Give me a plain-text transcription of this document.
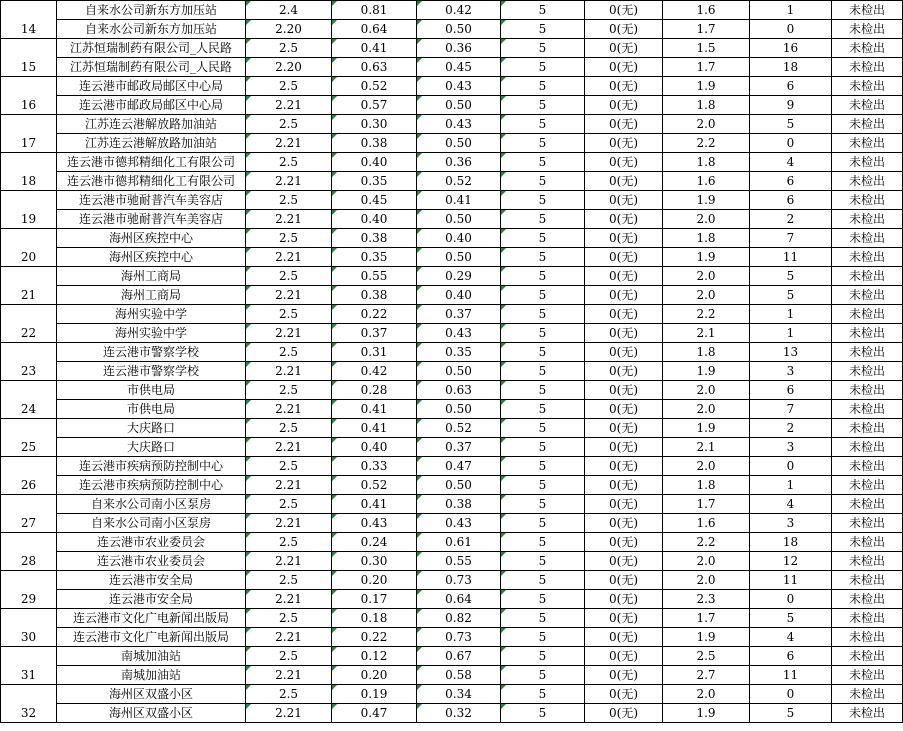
14	自来水公司新东方加压站	2.4	0.81	0.42	5	0(无)	1.6	1	未检出
	自来水公司新东方加压站	2.20	0.64	0.50	5	0(无)	1.7	0	未检出
15	江苏恒瑞制药有限公司_人民路	2.5	0.41	0.36	5	0(无)	1.5	16	未检出
	江苏恒瑞制药有限公司_人民路	2.20	0.63	0.45	5	0(无)	1.7	18	未检出
16	连云港市邮政局邮区中心局	2.5	0.52	0.43	5	0(无)	1.9	6	未检出
	连云港市邮政局邮区中心局	2.21	0.57	0.50	5	0(无)	1.8	9	未检出
17	江苏连云港解放路加油站	2.5	0.30	0.43	5	0(无)	2.0	5	未检出
	江苏连云港解放路加油站	2.21	0.38	0.50	5	0(无)	2.2	0	未检出
18	连云港市德邦精细化工有限公司	2.5	0.40	0.36	5	0(无)	1.8	4	未检出
	连云港市德邦精细化工有限公司	2.21	0.35	0.52	5	0(无)	1.6	6	未检出
19	连云港市驰耐普汽车美容店	2.5	0.45	0.41	5	0(无)	1.9	6	未检出
	连云港市驰耐普汽车美容店	2.21	0.40	0.50	5	0(无)	2.0	2	未检出
20	海州区疾控中心	2.5	0.38	0.40	5	0(无)	1.8	7	未检出
	海州区疾控中心	2.21	0.35	0.50	5	0(无)	1.9	11	未检出
21	海州工商局	2.5	0.55	0.29	5	0(无)	2.0	5	未检出
	海州工商局	2.21	0.38	0.40	5	0(无)	2.0	5	未检出
22	海州实验中学	2.5	0.22	0.37	5	0(无)	2.2	1	未检出
	海州实验中学	2.21	0.37	0.43	5	0(无)	2.1	1	未检出
23	连云港市警察学校	2.5	0.31	0.35	5	0(无)	1.8	13	未检出
	连云港市警察学校	2.21	0.42	0.50	5	0(无)	1.9	3	未检出
24	市供电局	2.5	0.28	0.63	5	0(无)	2.0	6	未检出
	市供电局	2.21	0.41	0.50	5	0(无)	2.0	7	未检出
25	大庆路口	2.5	0.41	0.52	5	0(无)	1.9	2	未检出
	大庆路口	2.21	0.40	0.37	5	0(无)	2.1	3	未检出
26	连云港市疾病预防控制中心	2.5	0.33	0.47	5	0(无)	2.0	0	未检出
	连云港市疾病预防控制中心	2.21	0.52	0.50	5	0(无)	1.8	1	未检出
27	自来水公司南小区泵房	2.5	0.41	0.38	5	0(无)	1.7	4	未检出
	自来水公司南小区泵房	2.21	0.43	0.43	5	0(无)	1.6	3	未检出
28	连云港市农业委员会	2.5	0.24	0.61	5	0(无)	2.2	18	未检出
	连云港市农业委员会	2.21	0.30	0.55	5	0(无)	2.0	12	未检出
29	连云港市安全局	2.5	0.20	0.73	5	0(无)	2.0	11	未检出
	连云港市安全局	2.21	0.17	0.64	5	0(无)	2.3	0	未检出
30	连云港市文化广电新闻出版局	2.5	0.18	0.82	5	0(无)	1.7	5	未检出
	连云港市文化广电新闻出版局	2.21	0.22	0.73	5	0(无)	1.9	4	未检出
31	南城加油站	2.5	0.12	0.67	5	0(无)	2.5	6	未检出
	南城加油站	2.21	0.20	0.58	5	0(无)	2.7	11	未检出
32	海州区双盛小区	2.5	0.19	0.34	5	0(无)	2.0	0	未检出
	海州区双盛小区	2.21	0.47	0.32	5	0(无)	1.9	5	未检出
